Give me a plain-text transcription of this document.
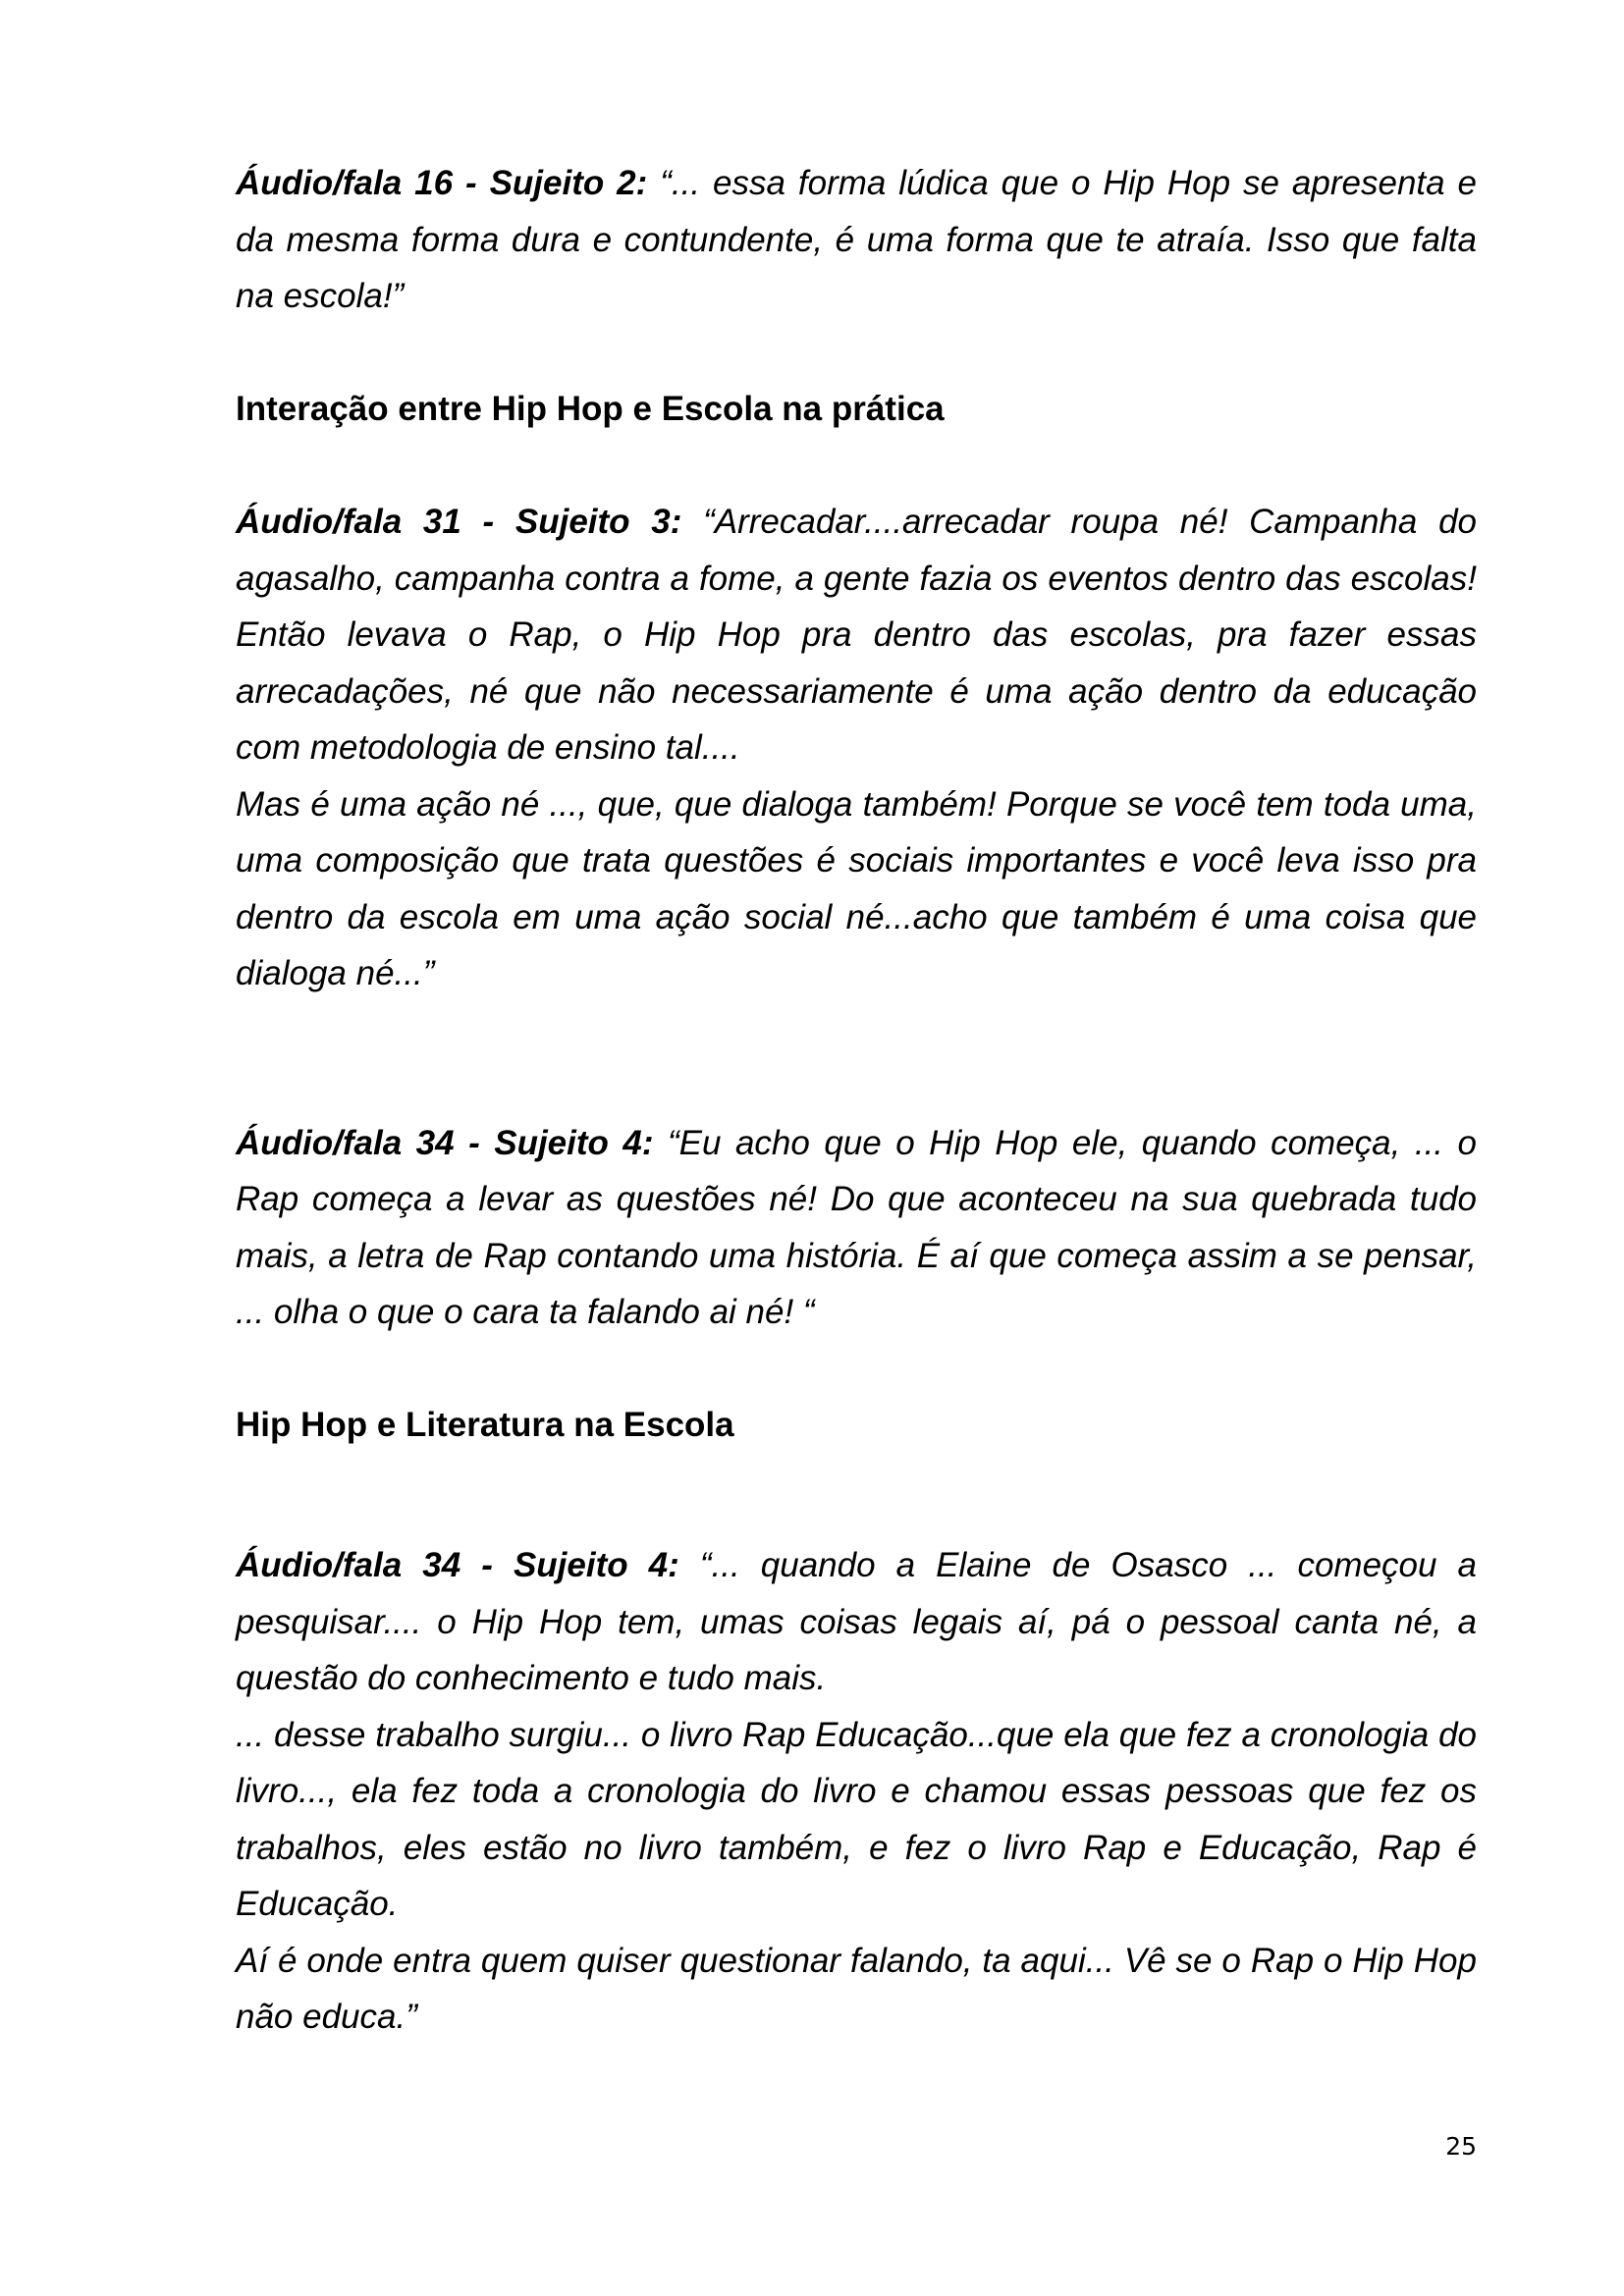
Áudio/fala 16 - Sujeito 2: “... essa forma lúdica que o Hip Hop se apresenta e da mesma forma dura e contundente, é uma forma que te atraía. Isso que falta na escola!”

Interação entre Hip Hop e Escola na prática

Áudio/fala 31 - Sujeito 3: “Arrecadar....arrecadar roupa né! Campanha do agasalho, campanha contra a fome, a gente fazia os eventos dentro das escolas! Então levava o Rap, o Hip Hop pra dentro das escolas, pra fazer essas arrecadações, né que não necessariamente é uma ação dentro da educação com metodologia de ensino tal....
Mas é uma ação né ..., que, que dialoga também! Porque se você tem toda uma, uma composição que trata questões é sociais importantes e você leva isso pra dentro da escola em uma ação social né...acho que também é uma coisa que dialoga né...”

Áudio/fala 34 - Sujeito 4: “Eu acho que o Hip Hop ele, quando começa, ... o Rap começa a levar as questões né! Do que aconteceu na sua quebrada tudo mais, a letra de Rap contando uma história. É aí que começa assim a se pensar, ... olha o que o cara ta falando ai né! “

Hip Hop e Literatura na Escola

Áudio/fala 34 - Sujeito 4: “... quando a Elaine de Osasco ... começou a pesquisar.... o Hip Hop tem, umas coisas legais aí, pá o pessoal canta né, a questão do conhecimento e tudo mais.
... desse trabalho surgiu... o livro Rap Educação...que ela que fez a cronologia do livro..., ela fez toda a cronologia do livro e chamou essas pessoas que fez os trabalhos, eles estão no livro também, e fez o livro Rap e Educação, Rap é Educação.
Aí é onde entra quem quiser questionar falando, ta aqui... Vê se o Rap o Hip Hop não educa.”

25
